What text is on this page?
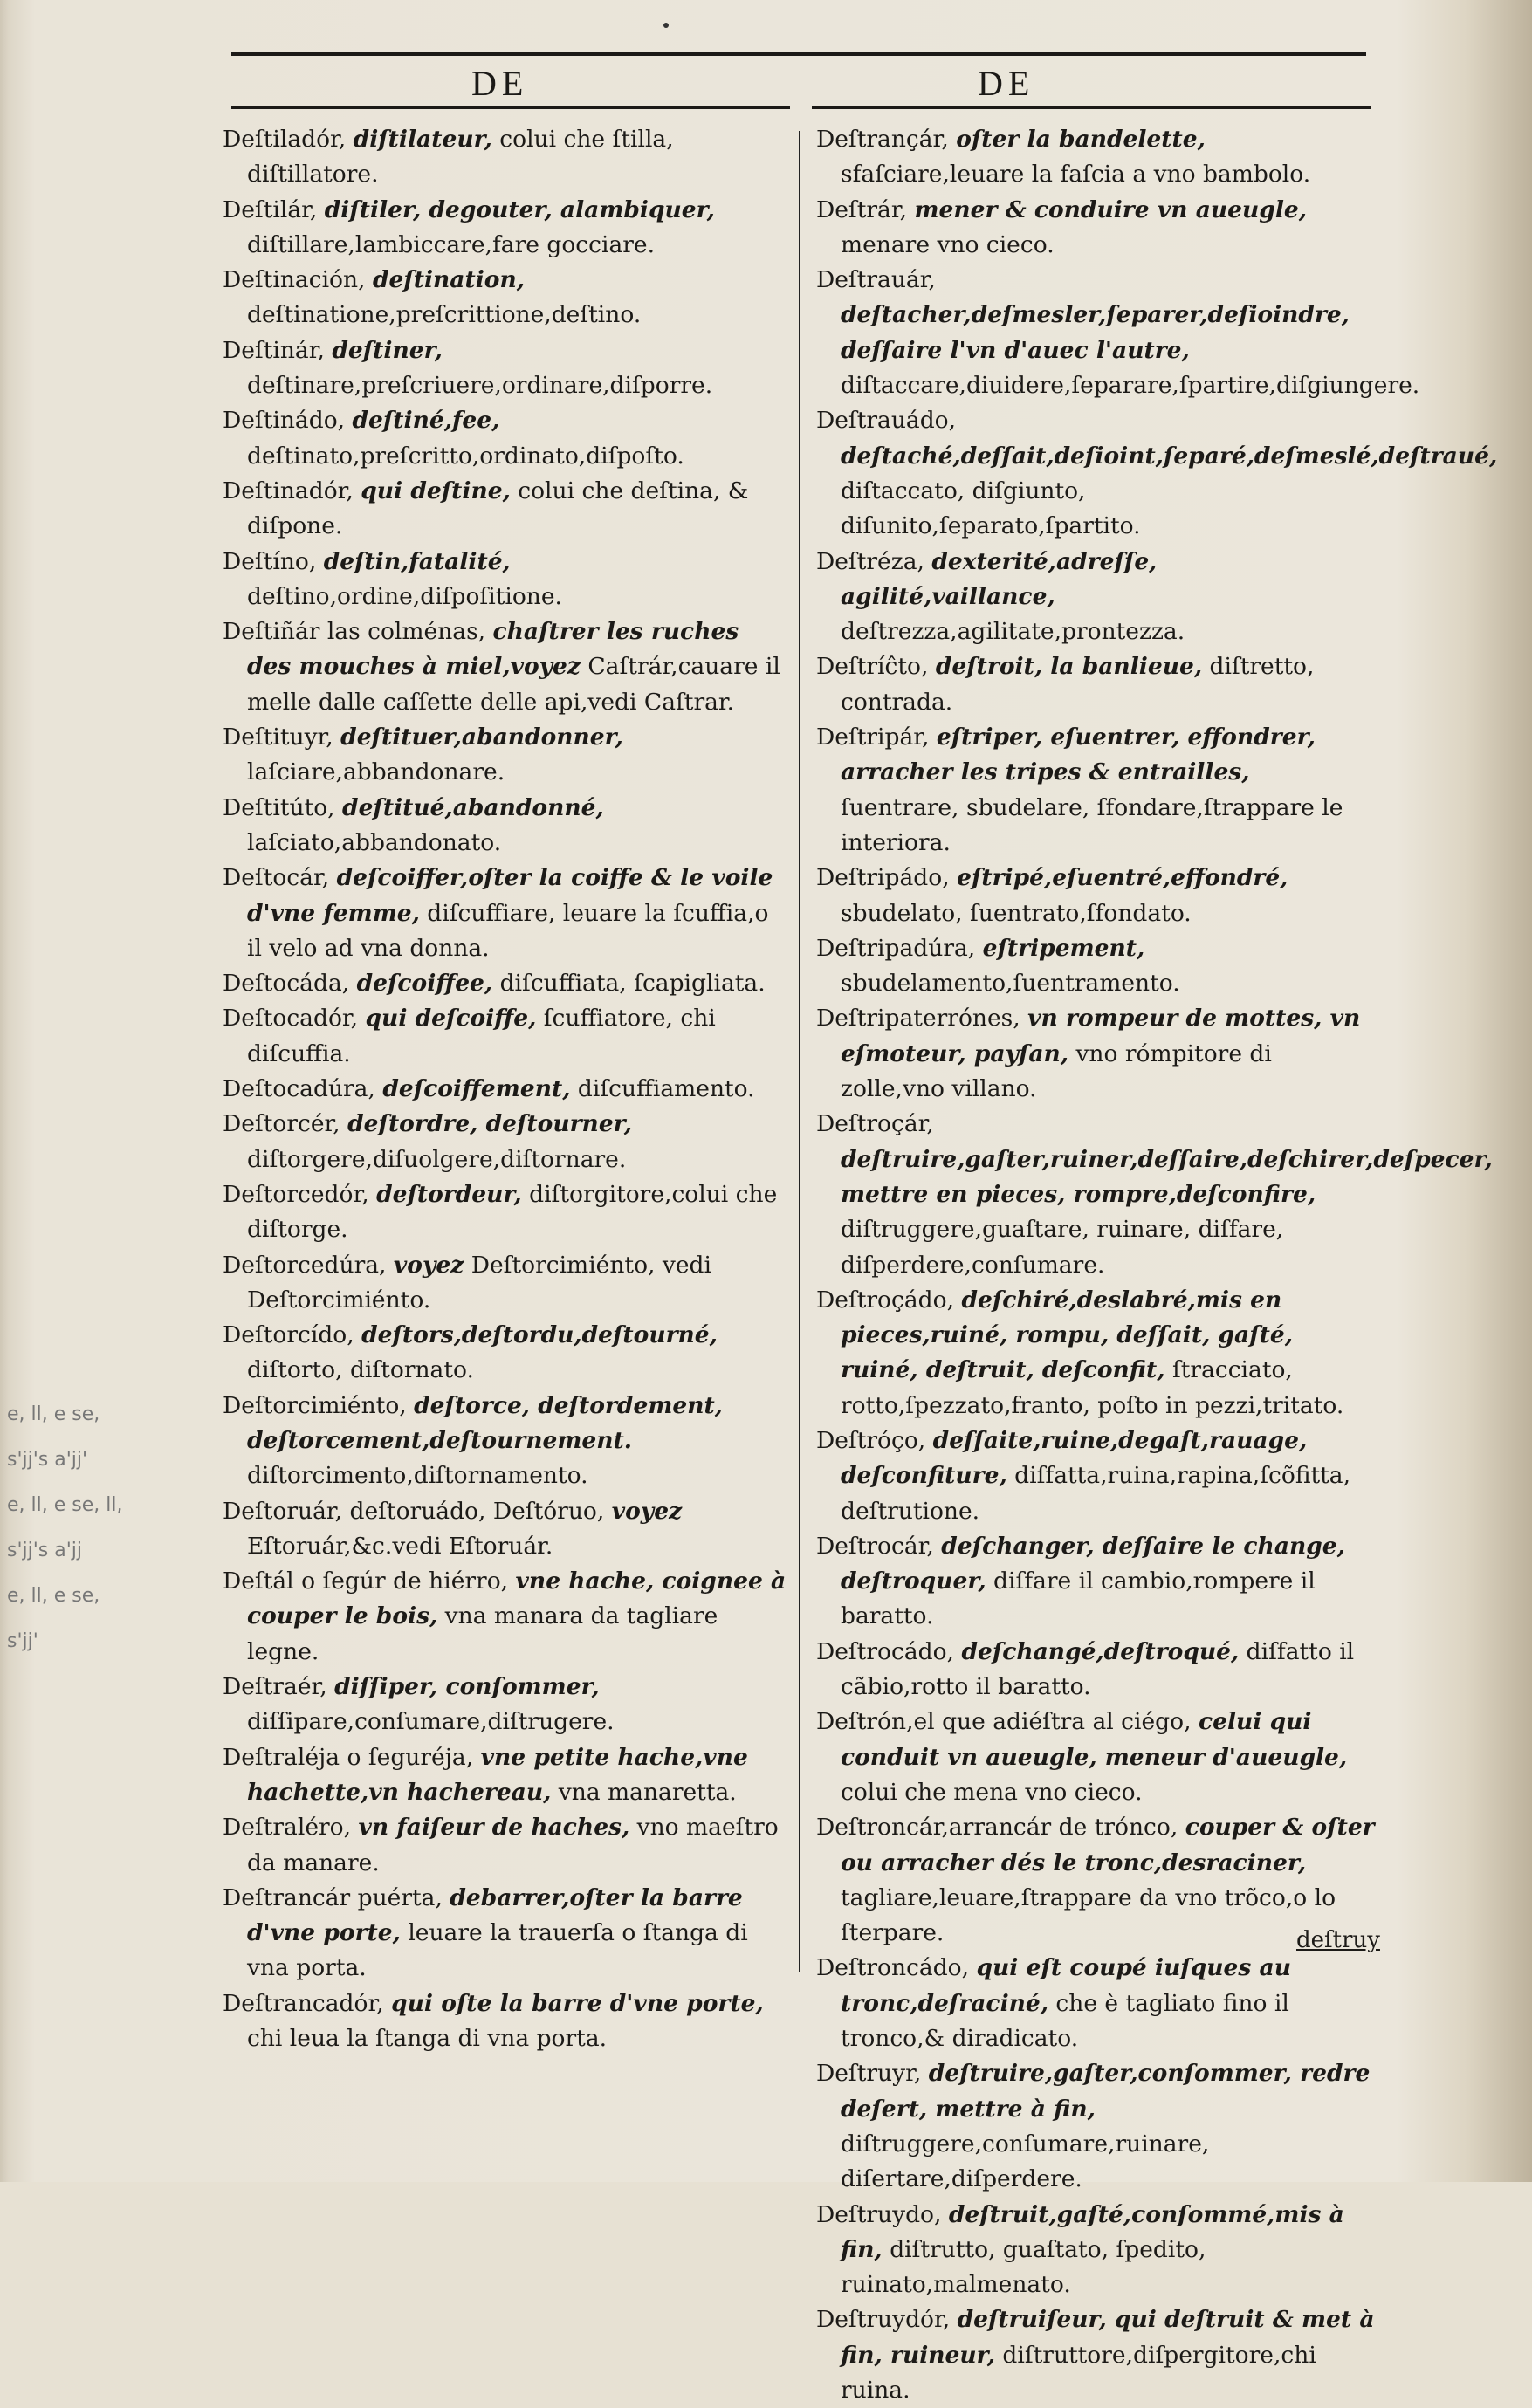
DE	DE

Deſtiladór, diſtilateur, colui che ſtilla, diſtillatore.

Deſtilár, diſtiler, degouter, alambiquer, diſtillare,lambiccare,fare gocciare.

Deſtinación, deſtination, deſtinatione,preſcrittione,deſtino.

Deſtinár, deſtiner, deſtinare,preſcriuere,ordinare,diſporre.

Deſtinádo, deſtiné,fee, deſtinato,preſcritto,ordinato,diſpoſto.

Deſtinadór, qui deſtine, colui che deſtina, & diſpone.

Deſtíno, deſtin,fatalité, deſtino,ordine,diſpoſitione.

Deſtiñár las colménas, chaſtrer les ruches des mouches à miel,voyez Caſtrár,cauare il melle dalle caſſette delle api,vedi Caſtrar.

Deſtituyr, deſtituer,abandonner, laſciare,abbandonare.

Deſtitúto, deſtitué,abandonné, laſciato,abbandonato.

Deſtocár, deſcoiffer,oſter la coiffe & le voile d'vne femme, diſcuffiare, leuare la ſcuffia,o il velo ad vna donna.

Deſtocáda, deſcoiffee, diſcuffiata, ſcapigliata.

Deſtocadór, qui deſcoiffe, ſcuffiatore, chi diſcuffia.

Deſtocadúra, deſcoiffement, diſcuffiamento.

Deſtorcér, deſtordre, deſtourner, diſtorgere,diſuolgere,diſtornare.

Deſtorcedór, deſtordeur, diſtorgitore,colui che diſtorge.

Deſtorcedúra, voyez Deſtorcimiénto, vedi Deſtorcimiénto.

Deſtorcído, deſtors,deſtordu,deſtourné, diſtorto, diſtornato.

Deſtorcimiénto, deſtorce, deſtordement, deſtorcement,deſtournement. diſtorcimento,diſtornamento.

Deſtoruár, deſtoruádo, Deſtóruo, voyez Eſtoruár,&c.vedi Eſtoruár.

Deſtál o ſegúr de hiérro, vne hache, coignee à couper le bois, vna manara da tagliare legne.

Deſtraér, diſſiper, conſommer, diſſipare,conſumare,diſtrugere.

Deſtraléja o ſeguréja, vne petite hache,vne hachette,vn hachereau, vna manaretta.

Deſtraléro, vn faiſeur de haches, vno maeſtro da manare.

Deſtrancár puérta, debarrer,oſter la barre d'vne porte, leuare la trauerſa o ſtanga di vna porta.

Deſtrancadór, qui oſte la barre d'vne porte, chi leua la ſtanga di vna porta.

Deſtrançár, oſter la bandelette, sfaſciare,leuare la faſcia a vno bambolo.

Deſtrár, mener & conduire vn aueugle, menare vno cieco.

Deſtrauár, deſtacher,deſmesler,ſeparer,deſioindre, deſſaire l'vn d'auec l'autre, diſtaccare,diuidere,ſeparare,ſpartire,diſgiungere.

Deſtrauádo, deſtaché,deſſait,deſioint,ſeparé,deſmeslé,deſtraué, diſtaccato, diſgiunto, diſunito,ſeparato,ſpartito.

Deſtréza, dexterité,adreſſe, agilité,vaillance, deſtrezza,agilitate,prontezza.

Deſtríĉto, deſtroit, la banlieue, diſtretto, contrada.

Deſtripár, eſtriper, eſuentrer, effondrer, arracher les tripes & entrailles, ſuentrare, sbudelare, ſfondare,ſtrappare le interiora.

Deſtripádo, eſtripé,eſuentré,effondré, sbudelato, ſuentrato,ſfondato.

Deſtripadúra, eſtripement, sbudelamento,ſuentramento.

Deſtripaterrónes, vn rompeur de mottes, vn eſmoteur, payſan, vno rómpitore di zolle,vno villano.

Deſtroçár, deſtruire,gaſter,ruiner,deſſaire,deſchirer,deſpecer, mettre en pieces, rompre,deſconfire, diſtruggere,guaſtare, ruinare, diſfare, diſperdere,conſumare.

Deſtroçádo, deſchiré,deslabré,mis en pieces,ruiné, rompu, deſſait, gaſté, ruiné, deſtruit, deſconfit, ſtracciato, rotto,ſpezzato,franto, poſto in pezzi,tritato.

Deſtróço, deſſaite,ruine,degaſt,rauage, deſconfiture, diſfatta,ruina,rapina,ſcõfitta, deſtrutione.

Deſtrocár, deſchanger, deſſaire le change, deſtroquer, diſfare il cambio,rompere il baratto.

Deſtrocádo, deſchangé,deſtroqué, diſfatto il cãbio,rotto il baratto.

Deſtrón,el que adiéſtra al ciégo, celui qui conduit vn aueugle, meneur d'aueugle, colui che mena vno cieco.

Deſtroncár,arrancár de trónco, couper & oſter ou arracher dés le tronc,desraciner, tagliare,leuare,ſtrappare da vno trõco,o lo ſterpare.

Deſtroncádo, qui eſt coupé iuſques au tronc,deſraciné, che è tagliato fino il tronco,& diradicato.

Deſtruyr, deſtruire,gaſter,conſommer, redre deſert, mettre à fin, diſtruggere,conſumare,ruinare, diſertare,diſperdere.

Deſtruydo, deſtruit,gaſté,conſommé,mis à fin, diſtrutto, guaſtato, ſpedito, ruinato,malmenato.

Deſtruydór, deſtruiſeur, qui deſtruit & met à fin, ruineur, diſtruttore,diſpergitore,chi ruina.

deſtruy
e, ll, e se,
s'jj's a'jj'
e, ll, e se, ll,
s'jj's a'jj
e, ll, e se,
s'jj'
